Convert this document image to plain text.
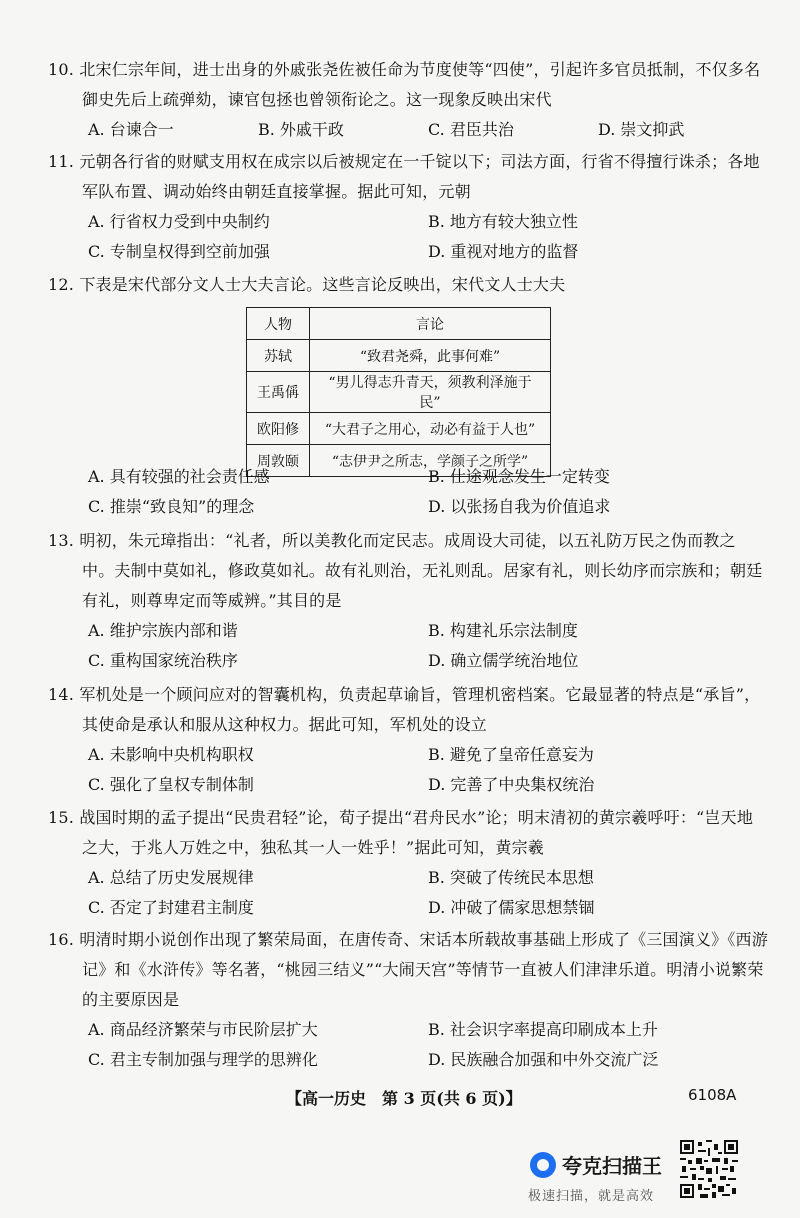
10. 北宋仁宗年间，进士出身的外戚张尧佐被任命为节度使等“四使”，引起许多官员抵制，不仅多名御史先后上疏弹劾，谏官包拯也曾领衔论之。这一现象反映出宋代
A. 台谏合一	B. 外戚干政	C. 君臣共治	D. 崇文抑武
11. 元朝各行省的财赋支用权在成宗以后被规定在一千锭以下；司法方面，行省不得擅行诛杀；各地军队布置、调动始终由朝廷直接掌握。据此可知，元朝
A. 行省权力受到中央制约	B. 地方有较大独立性
C. 专制皇权得到空前加强	D. 重视对地方的监督
12. 下表是宋代部分文人士大夫言论。这些言论反映出，宋代文人士大夫
人物	言论
苏轼	“致君尧舜，此事何难”
王禹偁	“男儿得志升青天，须教利泽施于民”
欧阳修	“大君子之用心，动必有益于人也”
周敦颐	“志伊尹之所志，学颜子之所学”
A. 具有较强的社会责任感	B. 仕途观念发生一定转变
C. 推崇“致良知”的理念	D. 以张扬自我为价值追求
13. 明初，朱元璋指出：“礼者，所以美教化而定民志。成周设大司徒，以五礼防万民之伪而教之中。夫制中莫如礼，修政莫如礼。故有礼则治，无礼则乱。居家有礼，则长幼序而宗族和；朝廷有礼，则尊卑定而等威辨。”其目的是
A. 维护宗族内部和谐	B. 构建礼乐宗法制度
C. 重构国家统治秩序	D. 确立儒学统治地位
14. 军机处是一个顾问应对的智囊机构，负责起草谕旨，管理机密档案。它最显著的特点是“承旨”，其使命是承认和服从这种权力。据此可知，军机处的设立
A. 未影响中央机构职权	B. 避免了皇帝任意妄为
C. 强化了皇权专制体制	D. 完善了中央集权统治
15. 战国时期的孟子提出“民贵君轻”论，荀子提出“君舟民水”论；明末清初的黄宗羲呼吁：“岂天地之大，于兆人万姓之中，独私其一人一姓乎！”据此可知，黄宗羲
A. 总结了历史发展规律	B. 突破了传统民本思想
C. 否定了封建君主制度	D. 冲破了儒家思想禁锢
16. 明清时期小说创作出现了繁荣局面，在唐传奇、宋话本所载故事基础上形成了《三国演义》《西游记》和《水浒传》等名著，“桃园三结义”“大闹天宫”等情节一直被人们津津乐道。明清小说繁荣的主要原因是
A. 商品经济繁荣与市民阶层扩大	B. 社会识字率提高印刷成本上升
C. 君主专制加强与理学的思辨化	D. 民族融合加强和中外交流广泛
【高一历史　第 3 页(共 6 页)】	6108A
夸克扫描王
极速扫描，就是高效
